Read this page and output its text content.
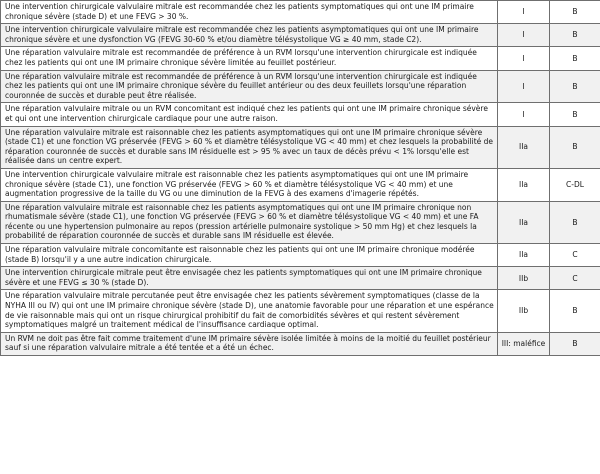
Une intervention chirurgicale valvulaire mitrale est recommandée chez les patients symptomatiques qui ont une IM primaire chronique sévère (stade D) et une FEVG > 30 %.	I	B
Une intervention chirurgicale valvulaire mitrale est recommandée chez les patients asymptomatiques qui ont une IM primaire chronique sévère et une dysfonction VG (FEVG 30-60 % et/ou diamètre télésystolique VG ≥ 40 mm, stade C2).	I	B
Une réparation valvulaire mitrale est recommandée de préférence à un RVM lorsqu'une intervention chirurgicale est indiquée chez les patients qui ont une IM primaire chronique sévère limitée au feuillet postérieur.	I	B
Une réparation valvulaire mitrale est recommandée de préférence à un RVM lorsqu'une intervention chirurgicale est indiquée chez les patients qui ont une IM primaire chronique sévère du feuillet antérieur ou des deux feuillets lorsqu'une réparation couronnée de succès et durable peut être réalisée.	I	B
Une réparation valvulaire mitrale ou un RVM concomitant est indiqué chez les patients qui ont une IM primaire chronique sévère et qui ont une intervention chirurgicale cardiaque pour une autre raison.	I	B
Une réparation valvulaire mitrale est raisonnable chez les patients asymptomatiques qui ont une IM primaire chronique sévère (stade C1) et une fonction VG préservée (FEVG > 60 % et diamètre télésystolique VG < 40 mm) et chez lesquels la probabilité de réparation couronnée de succès et durable sans IM résiduelle est > 95 % avec un taux de décès prévu < 1% lorsqu'elle est réalisée dans un centre expert.	IIa	B
Une intervention chirurgicale valvulaire mitrale est raisonnable chez les patients asymptomatiques qui ont une IM primaire chronique sévère (stade C1), une fonction VG préservée (FEVG > 60 % et diamètre télésystolique VG < 40 mm) et une augmentation progressive de la taille du VG ou une diminution de la FEVG à des examens d'imagerie répétés.	IIa	C-DL
Une réparation valvulaire mitrale est raisonnable chez les patients asymptomatiques qui ont une IM primaire chronique non rhumatismale sévère (stade C1), une fonction VG préservée (FEVG > 60 % et diamètre télésystolique VG < 40 mm) et une FA récente ou une hypertension pulmonaire au repos (pression artérielle pulmonaire systolique > 50 mm Hg) et chez lesquels la probabilité de réparation couronnée de succès et durable sans IM résiduelle est élevée.	IIa	B
Une réparation valvulaire mitrale concomitante est raisonnable chez les patients qui ont une IM primaire chronique modérée (stade B) lorsqu'il y a une autre indication chirurgicale.	IIa	C
Une intervention chirurgicale mitrale peut être envisagée chez les patients symptomatiques qui ont une IM primaire chronique sévère et une FEVG ≤ 30 % (stade D).	IIb	C
Une réparation valvulaire mitrale percutanée peut être envisagée chez les patients sévèrement symptomatiques (classe de la NYHA III ou IV) qui ont une IM primaire chronique sévère (stade D), une anatomie favorable pour une réparation et une espérance de vie raisonnable mais qui ont un risque chirurgical prohibitif du fait de comorbidités sévères et qui restent sévèrement symptomatiques malgré un traitement médical de l'insuffisance cardiaque optimal.	IIb	B
Un RVM ne doit pas être fait comme traitement d'une IM primaire sévère isolée limitée à moins de la moitié du feuillet postérieur sauf si une réparation valvulaire mitrale a été tentée et a été un échec.	III: maléfice	B
